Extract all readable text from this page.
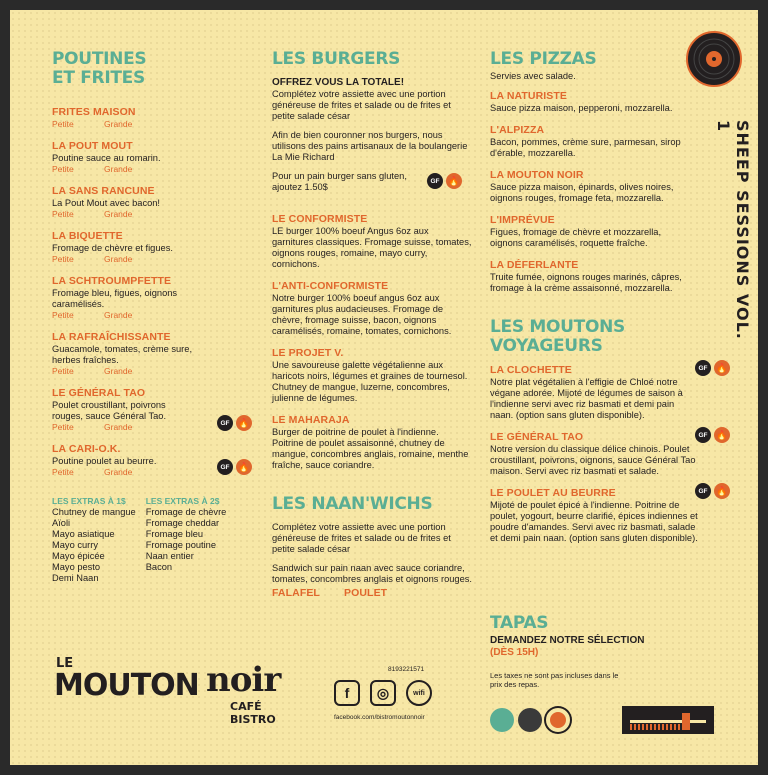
POUTINES
ET FRITES
FRITES MAISON
Petite	Grande
LA POUT MOUT
Poutine sauce au romarin.
Petite	Grande
LA SANS RANCUNE
La Pout Mout avec bacon!
Petite	Grande
LA BIQUETTE
Fromage de chèvre et figues.
Petite	Grande
LA SCHTROUMPFETTE
Fromage bleu, figues, oignons caramélisés.
Petite	Grande
LA RAFRAÎCHISSANTE
Guacamole, tomates, crème sure, herbes fraîches.
Petite	Grande
LE GÉNÉRAL TAO
GF 🔥
Poulet croustillant, poivrons rouges, sauce Général Tao.
Petite	Grande
LA CARI-O.K.
GF 🔥
Poutine poulet au beurre.
Petite	Grande
LES EXTRAS À 1$
Chutney de mangue
Aïoli
Mayo asiatique
Mayo curry
Mayo épicée
Mayo pesto
Demi Naan
LES EXTRAS À 2$
Fromage de chèvre
Fromage cheddar
Fromage bleu
Fromage poutine
Naan entier
Bacon
LES BURGERS
OFFREZ VOUS LA TOTALE!
Complétez votre assiette avec une portion généreuse de frites et salade ou de frites et petite salade césar
Afin de bien couronner nos burgers, nous utilisons des pains artisanaux de la boulangerie La Mie Richard
Pour un pain burger sans gluten, ajoutez 1.50$
GF 🔥
LE CONFORMISTE
LE burger 100% boeuf Angus 6oz aux garnitures classiques. Fromage suisse, tomates, oignons rouges, romaine, mayo curry, cornichons.
L'ANTI-CONFORMISTE
Notre burger 100% boeuf angus 6oz aux garnitures plus audacieuses. Fromage de chèvre, fromage suisse, bacon, oignons caramélisés, romaine, tomates, cornichons.
LE PROJET V.
Une savoureuse galette végétalienne aux haricots noirs, légumes et graines de tournesol. Chutney de mangue, luzerne, concombres, julienne de légumes.
LE MAHARAJA
Burger de poitrine de poulet à l'indienne. Poitrine de poulet assaisonné, chutney de mangue, concombres anglais, romaine, menthe fraîche, sauce coriandre.
LES NAAN'WICHS
Complétez votre assiette avec une portion généreuse de frites et salade ou de frites et petite salade césar
Sandwich sur pain naan avec sauce coriandre, tomates, concombres anglais et oignons rouges.
FALAFEL POULET
LES PIZZAS
Servies avec salade.
LA NATURISTE
Sauce pizza maison, pepperoni, mozzarella.
L'ALPIZZA
Bacon, pommes, crème sure, parmesan, sirop d'érable, mozzarella.
LA MOUTON NOIR
Sauce pizza maison, épinards, olives noires, oignons rouges, fromage feta, mozzarella.
L'IMPRÉVUE
Figues, fromage de chèvre et mozzarella, oignons caramélisés, roquette fraîche.
LA DÉFERLANTE
Truite fumée, oignons rouges marinés, câpres, fromage à la crème assaisonné, mozzarella.
LES MOUTONS
VOYAGEURS
LA CLOCHETTE	GF 🔥
Notre plat végétalien à l'effigie de Chloé notre végane adorée. Mijoté de légumes de saison à l'indienne servi avec riz basmati et demi pain naan. (option sans gluten disponible).
LE GÉNÉRAL TAO	GF 🔥
Notre version du classique délice chinois. Poulet croustillant, poivrons, oignons, sauce Général Tao maison. Servi avec riz basmati et salade.
LE POULET AU BEURRE	GF 🔥
Mijoté de poulet épicé à l'indienne. Poitrine de poulet, yogourt, beurre clarifié, épices indiennes et poudre d'amandes. Servi avec riz basmati, salade et demi pain naan. (option sans gluten disponible).
TAPAS
DEMANDEZ NOTRE SÉLECTION
(DÈS 15H)
Les taxes ne sont pas incluses dans le prix des repas.
SHEEP SESSIONS VOL. 1
LE
MOUTON noir
CAFÉ BISTRO
8193221571
f	◎	wifi
facebook.com/bistromoutonnoir
